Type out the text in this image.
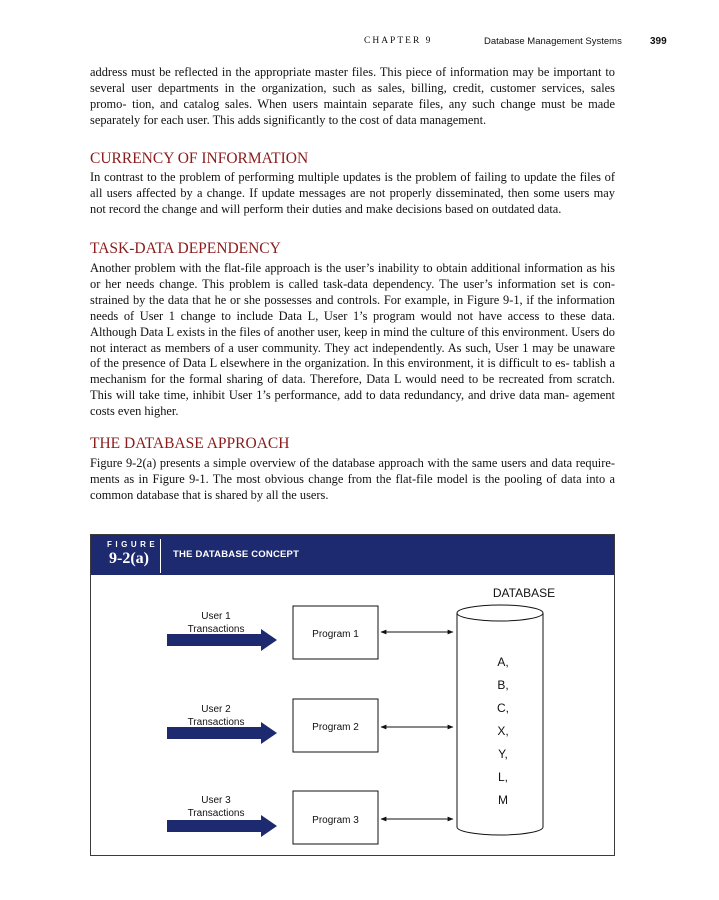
CHAPTER 9	Database Management Systems	399

address must be reflected in the appropriate master files. This piece of information may be important to several user departments in the organization, such as sales, billing, credit, customer services, sales promo- tion, and catalog sales. When users maintain separate files, any such change must be made separately for each user. This adds significantly to the cost of data management.

CURRENCY OF INFORMATION

In contrast to the problem of performing multiple updates is the problem of failing to update the files of all users affected by a change. If update messages are not properly disseminated, then some users may not record the change and will perform their duties and make decisions based on outdated data.

TASK-DATA DEPENDENCY

Another problem with the flat-file approach is the user’s inability to obtain additional information as his or her needs change. This problem is called task-data dependency. The user’s information set is con- strained by the data that he or she possesses and controls. For example, in Figure 9-1, if the information needs of User 1 change to include Data L, User 1’s program would not have access to these data. Although Data L exists in the files of another user, keep in mind the culture of this environment. Users do not interact as members of a user community. They act independently. As such, User 1 may be unaware of the presence of Data L elsewhere in the organization. In this environment, it is difficult to es- tablish a mechanism for the formal sharing of data. Therefore, Data L would need to be recreated from scratch. This will take time, inhibit User 1’s performance, add to data redundancy, and drive data man- agement costs even higher.

THE DATABASE APPROACH

Figure 9-2(a) presents a simple overview of the database approach with the same users and data require- ments as in Figure 9-1. The most obvious change from the flat-file model is the pooling of data into a common database that is shared by all the users.

FIGURE
9-2(a)	THE DATABASE CONCEPT
DATABASE
A,
B,
C,
X,
Y,
L,
M
User 1
Transactions	Program 1
User 2
Transactions	Program 2
User 3
Transactions
Program 3
